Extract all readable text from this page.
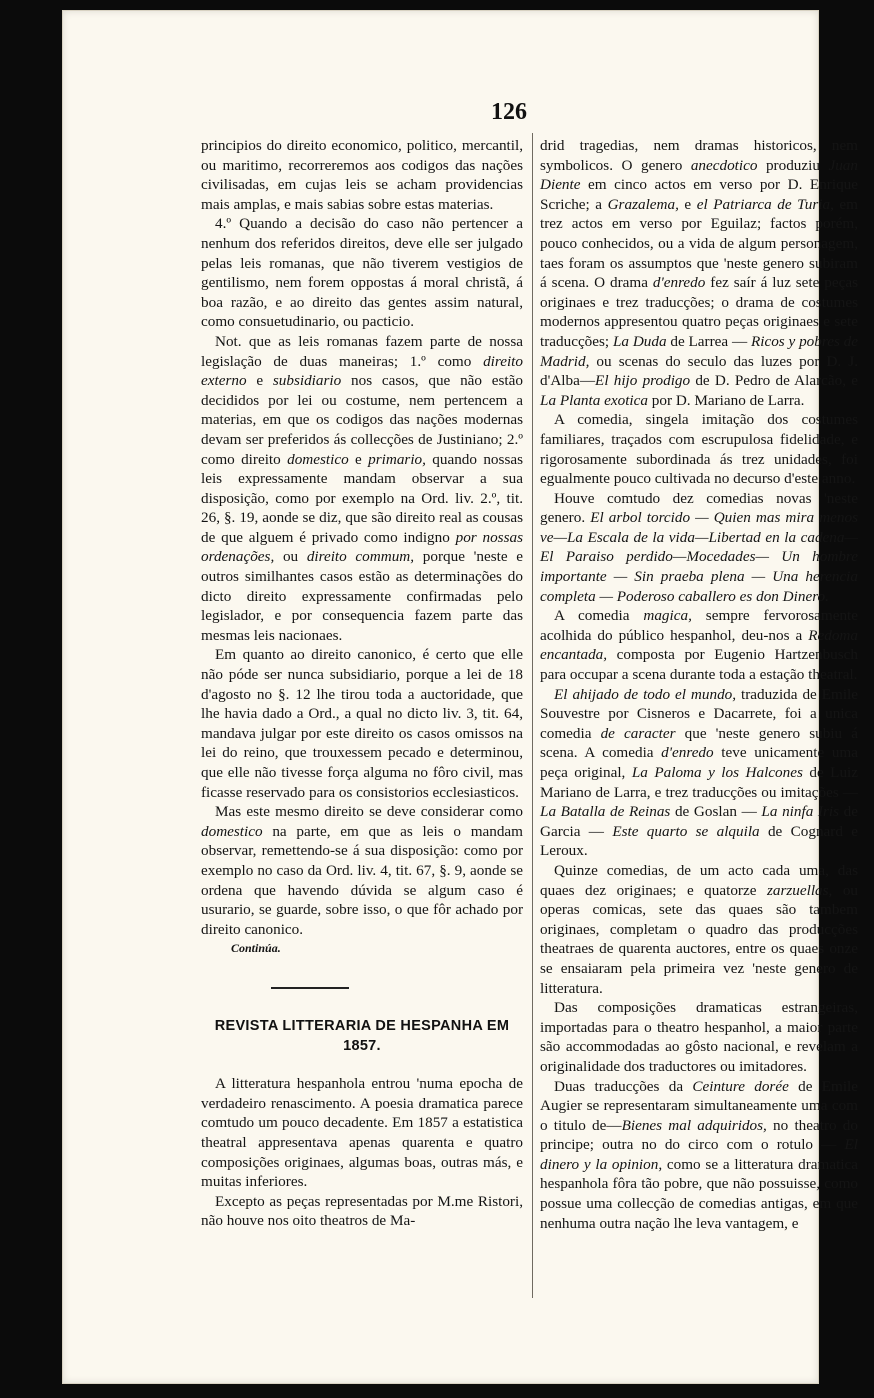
126

principios do direito economico, politico, mercantil, ou maritimo, recorreremos aos codigos das nações civilisadas, em cujas leis se acham providencias mais amplas, e mais sabias sobre estas materias.

4.º Quando a decisão do caso não pertencer a nenhum dos referidos direitos, deve elle ser julgado pelas leis romanas, que não tiverem vestigios de gentilismo, nem forem oppostas á moral christã, á boa razão, e ao direito das gentes assim natural, como consuetudinario, ou pacticio.

Not. que as leis romanas fazem parte de nossa legislação de duas maneiras; 1.º como direito externo e subsidiario nos casos, que não estão decididos por lei ou costume, nem pertencem a materias, em que os codigos das nações modernas devam ser preferidos ás collecções de Justiniano; 2.º como direito domestico e primario, quando nossas leis expressamente mandam observar a sua disposição, como por exemplo na Ord. liv. 2.º, tit. 26, §. 19, aonde se diz, que são direito real as cousas de que alguem é privado como indigno por nossas ordenações, ou direito commum, porque 'neste e outros similhantes casos estão as determinações do dicto direito expressamente confirmadas pelo legislador, e por consequencia fazem parte das mesmas leis nacionaes.

Em quanto ao direito canonico, é certo que elle não póde ser nunca subsidiario, porque a lei de 18 d'agosto no §. 12 lhe tirou toda a auctoridade, que lhe havia dado a Ord., a qual no dicto liv. 3, tit. 64, mandava julgar por este direito os casos omissos na lei do reino, que trouxessem pecado e determinou, que elle não tivesse força alguma no fôro civil, mas ficasse reservado para os consistorios ecclesiasticos.

Mas este mesmo direito se deve considerar como domestico na parte, em que as leis o mandam observar, remettendo-se á sua disposição: como por exemplo no caso da Ord. liv. 4, tit. 67, §. 9, aonde se ordena que havendo dúvida se algum caso é usurario, se guarde, sobre isso, o que fôr achado por direito canonico.

Continúa.

REVISTA LITTERARIA DE HESPANHA EM 1857.

A litteratura hespanhola entrou 'numa epocha de verdadeiro renascimento. A poesia dramatica parece comtudo um pouco decadente. Em 1857 a estatistica theatral appresentava apenas quarenta e quatro composições originaes, algumas boas, outras más, e muitas inferiores.

Excepto as peças representadas por M.me Ristori, não houve nos oito theatros de Ma-

drid tragedias, nem dramas historicos, nem symbolicos. O genero anecdotico produziu Juan Diente em cinco actos em verso por D. Enrique Scriche; a Grazalema, e el Patriarca de Turia, em trez actos em verso por Eguilaz; factos porém, pouco conhecidos, ou a vida de algum personagem, taes foram os assumptos que 'neste genero subiram á scena. O drama d'enredo fez saír á luz sete peças originaes e trez traducções; o drama de costumes modernos appresentou quatro peças originaes e sete traducções; La Duda de Larrea — Ricos y pobres de Madrid, ou scenas do seculo das luzes por D. J. d'Alba—El hijo prodigo de D. Pedro de Alarcão, e La Planta exotica por D. Mariano de Larra.

A comedia, singela imitação dos costumes familiares, traçados com escrupulosa fidelidade, e rigorosamente subordinada ás trez unidades, foi egualmente pouco cultivada no decurso d'este anno.

Houve comtudo dez comedias novas 'neste genero. El arbol torcido — Quien mas mira menos ve—La Escala de la vida—Libertad en la cadena—El Paraiso perdido—Mocedades— Un hombre importante — Sin praeba plena — Una herencia completa — Poderoso caballero es don Dinero.

A comedia magica, sempre fervorosamente acolhida do público hespanhol, deu-nos a Redoma encantada, composta por Eugenio Hartzenbusch para occupar a scena durante toda a estação theatral.

El ahijado de todo el mundo, traduzida de Emile Souvestre por Cisneros e Dacarrete, foi a unica comedia de caracter que 'neste genero subiu á scena. A comedia d'enredo teve unicamente uma peça original, La Paloma y los Halcones de Luiz Mariano de Larra, e trez traducções ou imitações — La Batalla de Reinas de Goslan — La ninfa Iris de Garcia — Este quarto se alquila de Cognard e Leroux.

Quinze comedias, de um acto cada uma, das quaes dez originaes; e quatorze zarzuellas, ou operas comicas, sete das quaes são tambem originaes, completam o quadro das producções theatraes de quarenta auctores, entre os quaes onze se ensaiaram pela primeira vez 'neste genero de litteratura.

Das composições dramaticas estrangeiras, importadas para o theatro hespanhol, a maior parte são accommodadas ao gôsto nacional, e revelam a originalidade dos traductores ou imitadores.

Duas traducções da Ceinture dorée de Emile Augier se representaram simultaneamente uma com o titulo de—Bienes mal adquiridos, no theatro do principe; outra no do circo com o rotulo — El dinero y la opinion, como se a litteratura dramatica hespanhola fôra tão pobre, que não possuisse, como possue uma collecção de comedias antigas, em que nenhuma outra nação lhe leva vantagem, e
